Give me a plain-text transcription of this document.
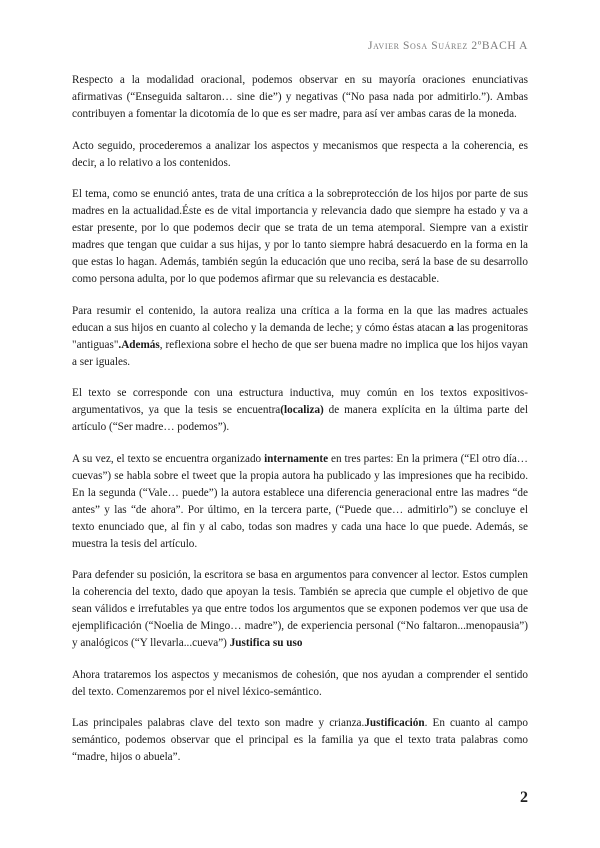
Javier Sosa Suárez 2ºBACH A

Respecto a la modalidad oracional, podemos observar en su mayoría oraciones enunciativas afirmativas (“Enseguida saltaron… sine die”) y negativas (“No pasa nada por admitirlo.”). Ambas contribuyen a fomentar la dicotomía de lo que es ser madre, para así ver ambas caras de la moneda.

Acto seguido, procederemos a analizar los aspectos y mecanismos que respecta a la coherencia, es decir, a lo relativo a los contenidos.

El tema, como se enunció antes, trata de una crítica a la sobreprotección de los hijos por parte de sus madres en la actualidad.Éste es de vital importancia y relevancia dado que siempre ha estado y va a estar presente, por lo que podemos decir que se trata de un tema atemporal. Siempre van a existir madres que tengan que cuidar a sus hijas, y por lo tanto siempre habrá desacuerdo en la forma en la que estas lo hagan. Además, también según la educación que uno reciba, será la base de su desarrollo como persona adulta, por lo que podemos afirmar que su relevancia es destacable.

Para resumir el contenido, la autora realiza una crítica a la forma en la que las madres actuales educan a sus hijos en cuanto al colecho y la demanda de leche; y cómo éstas atacan a las progenitoras "antiguas".Además, reflexiona sobre el hecho de que ser buena madre no implica que los hijos vayan a ser iguales.

El texto se corresponde con una estructura inductiva, muy común en los textos expositivos-argumentativos, ya que la tesis se encuentra(localiza) de manera explícita en la última parte del artículo (“Ser madre… podemos”).

A su vez, el texto se encuentra organizado internamente en tres partes: En la primera (“El otro día… cuevas”) se habla sobre el tweet que la propia autora ha publicado y las impresiones que ha recibido. En la segunda (“Vale… puede”) la autora establece una diferencia generacional entre las madres “de antes” y las “de ahora”. Por último, en la tercera parte, (“Puede que… admitirlo”) se concluye el texto enunciado que, al fin y al cabo, todas son madres y cada una hace lo que puede. Además, se muestra la tesis del artículo.

Para defender su posición, la escritora se basa en argumentos para convencer al lector. Estos cumplen la coherencia del texto, dado que apoyan la tesis. También se aprecia que cumple el objetivo de que sean válidos e irrefutables ya que entre todos los argumentos que se exponen podemos ver que usa de ejemplificación (“Noelia de Mingo… madre”), de experiencia personal (“No faltaron...menopausia”) y analógicos (“Y llevarla...cueva”) Justifica su uso

Ahora trataremos los aspectos y mecanismos de cohesión, que nos ayudan a comprender el sentido del texto. Comenzaremos por el nivel léxico-semántico.

Las principales palabras clave del texto son madre y crianza.Justificación. En cuanto al campo semántico, podemos observar que el principal es la familia ya que el texto trata palabras como “madre, hijos o abuela”.

2
